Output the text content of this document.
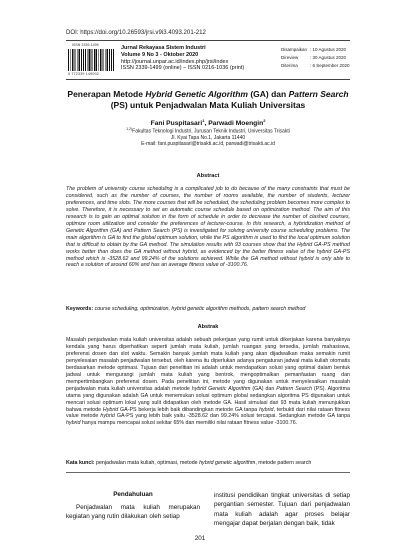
DOI: https://doi.org/10.26593/jrsi.v9i3.4093.201-212
ISSN 2339-1499
9 772339 149002
Jurnal Rekayasa Sistem Industri
Volume 9 No 3 - Oktober 2020
http://journal.unpar.ac.id/index.php/jrsi/index
ISSN 2339-1499 (online) – ISSN 0216-1036 (print)
Disampaikan	: 10 Agustus 2020
Direview	: 30 Agustus 2020
Diterima	: 6 September 2020
Penerapan Metode Hybrid Genetic Algorithm (GA) dan Pattern Search (PS) untuk Penjadwalan Mata Kuliah Universitas
Fani Puspitasari$^1$, Parwadi Moengin$^2$
$^{1,2)}$Fakultas Teknologi Industri, Jurusan Teknik Industri, Universitas Trisakti
Jl. Kyai Tapa No.1, Jakarta 11440
E-mail: fani.puspitasari@trisakti.ac.id, parwadi@trisakti.ac.id
Abstract
The problem of university course scheduling is a complicated job to do because of the many constraints that must be considered, such as the number of courses, the number of rooms available, the number of students, lecturer preferences, and time slots. The more courses that will be scheduled, the scheduling problem becomes more complex to solve. Therefore, it is necessary to set an automatic course schedule based on optimization method. The aim of this research is to gain an optimal solution in the form of schedule in order to decrease the number of clashed courses, optimize room utilization and consider the preferences of lecturer-course. In this research, a hybridization method of Genetic Algorithm (GA) and Pattern Search (PS) is investigated for solving university course scheduling problems. The main algorithm is GA to find the global optimum solution, while the PS algorithm is used to find the local optimum solution that is difficult to obtain by the GA method. The simulation results with 93 courses show that the Hybrid GA-PS method works better than does the GA method without hybrid, as evidenced by the better fitness value of the hybrid GA-PS method which is -3528.62 and 99.24% of the solutions achieved. While the GA method without hybrid is only able to reach a solution of around 60% and has an average fitness value of -3100.76.
Keywords: course scheduling, optimization, hybrid genetic algorithm methods, pattern search method
Abstrak
Masalah penjadwalan mata kuliah universitas adalah sebuah pekerjaan yang rumit untuk dikerjakan karena banyaknya kendala yang harus diperhatikan seperti jumlah mata kuliah, jumlah ruangan yang tersedia, jumlah mahasiswa, preferensi dosen dan slot waktu. Semakin banyak jumlah mata kuliah yang akan dijadwalkan maka semakin rumit penyelesaian masalah penjadwalan tersebut, oleh karena itu diperlukan adanya pengaturan jadwal mata kuliah otomatis berdasarkan metode optimasi. Tujuan dari penelitian ini adalah untuk mendapatkan solusi yang optimal dalam bentuk jadwal untuk mengurangi jumlah mata kuliah yang bentrok, mengoptimalkan pemanfaatan ruang dan mempertimbangkan preferensi dosen. Pada penelitian ini, metode yang digunakan untuk menyelesaikan masalah penjadwalan mata kuliah universitas adalah metode hybrid Genetic Algorithm (GA) dan Pattern Search (PS). Algoritma utama yang digunakan adalah GA untuk menemukan solusi optimum global sedangkan algoritma PS digunakan untuk mencari solusi optimum lokal yang sulit didapatkan oleh metode GA. Hasil simulasi dari 93 mata kuliah menunjukkan bahwa metode Hybrid GA-PS bekerja lebih baik dibandingkan metode GA tanpa hybrid, terbukti dari nilai rataan fitness value metode hybrid GA-PS yang lebih baik yaitu -3528.62 dan 99.24% solusi tercapai. Sedangkan metode GA tanpa hybrid hanya mampu mencapai solusi sekitar 65% dan memiliki nilai rataan fitness value -3100.76.
Kata kunci: penjadwalan mata kuliah, optimasi, metode hybrid genetic algorithm, metode pattern search
Pendahuluan
Penjadwalan mata kuliah merupakan kegiatan yang rutin dilakukan oleh setiap
institusi pendidikan tingkat universitas di setiap pergantian semester. Tujuan dari penjadwalan mata kuliah adalah agar proses belajar mengajar dapat berjalan dengan baik, tidak
201
